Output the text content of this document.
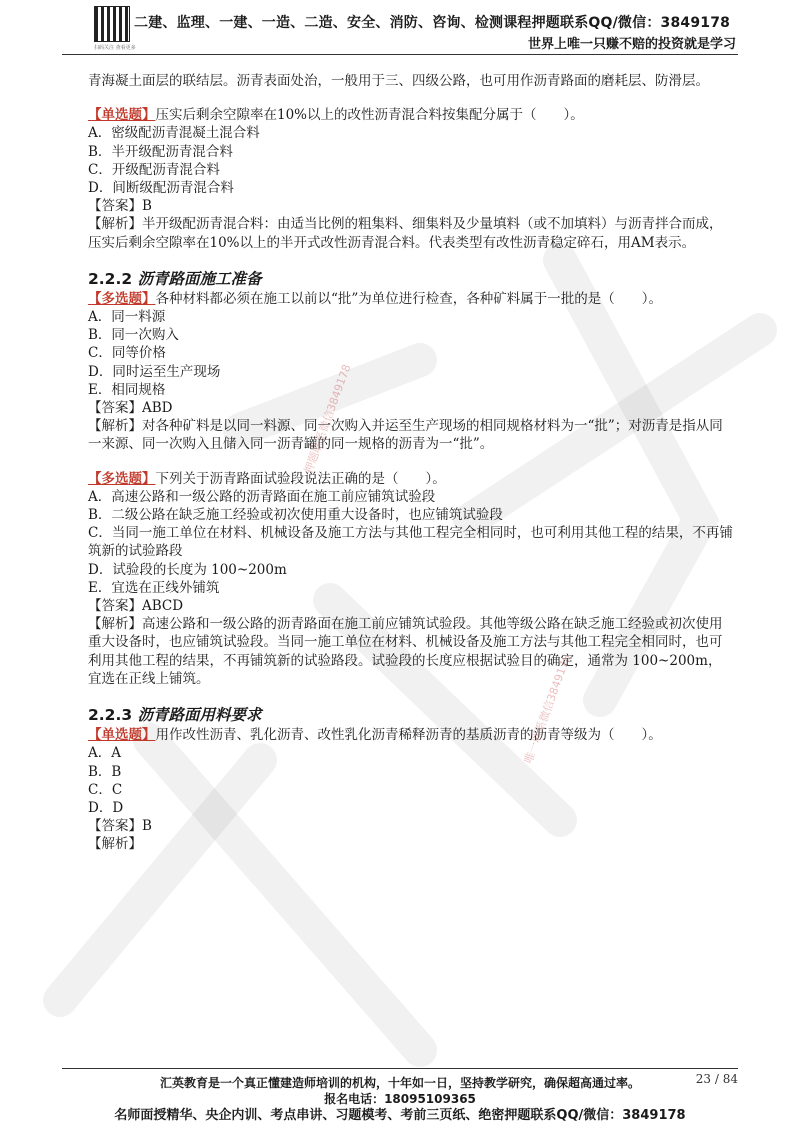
扫码关注 查看更多
二建、监理、一建、一造、二造、安全、消防、咨询、检测课程押题联系QQ/微信：3849178
世界上唯一只赚不赔的投资就是学习
押题联系微信3849178
唯一联系微信3849178

青海凝土面层的联结层。沥青表面处治，一般用于三、四级公路，也可用作沥青路面的磨耗层、防滑层。

【单选题】压实后剩余空隙率在10%以上的改性沥青混合料按集配分属于（　　）。

A．密级配沥青混凝土混合料

B．半开级配沥青混合料

C．开级配沥青混合料

D．间断级配沥青混合料

【答案】B

【解析】半开级配沥青混合料：由适当比例的粗集料、细集料及少量填料（或不加填料）与沥青拌合而成，压实后剩余空隙率在10%以上的半开式改性沥青混合料。代表类型有改性沥青稳定碎石，用AM表示。

2.2.2 沥青路面施工准备

【多选题】各种材料都必须在施工以前以“批”为单位进行检查，各种矿料属于一批的是（　　）。

A．同一料源

B．同一次购入

C．同等价格

D．同时运至生产现场

E．相同规格

【答案】ABD

【解析】对各种矿料是以同一料源、同一次购入并运至生产现场的相同规格材料为一“批”；对沥青是指从同一来源、同一次购入且储入同一沥青罐的同一规格的沥青为一“批”。

【多选题】下列关于沥青路面试验段说法正确的是（　　）。

A．高速公路和一级公路的沥青路面在施工前应铺筑试验段

B．二级公路在缺乏施工经验或初次使用重大设备时，也应铺筑试验段

C．当同一施工单位在材料、机械设备及施工方法与其他工程完全相同时，也可利用其他工程的结果，不再铺筑新的试验路段

D．试验段的长度为 100~200m

E．宜选在正线外铺筑

【答案】ABCD

【解析】高速公路和一级公路的沥青路面在施工前应铺筑试验段。其他等级公路在缺乏施工经验或初次使用重大设备时，也应铺筑试验段。当同一施工单位在材料、机械设备及施工方法与其他工程完全相同时，也可利用其他工程的结果，不再铺筑新的试验路段。试验段的长度应根据试验目的确定，通常为 100~200m，宜选在正线上铺筑。

2.2.3 沥青路面用料要求

【单选题】用作改性沥青、乳化沥青、改性乳化沥青稀释沥青的基质沥青的沥青等级为（　　）。

A．A

B．B

C．C

D．D

【答案】B

【解析】

汇英教育是一个真正懂建造师培训的机构，十年如一日，坚持教学研究，确保超高通过率。	23 / 84
报名电话：18095109365
名师面授精华、央企内训、考点串讲、习题模考、考前三页纸、绝密押题联系QQ/微信：3849178
